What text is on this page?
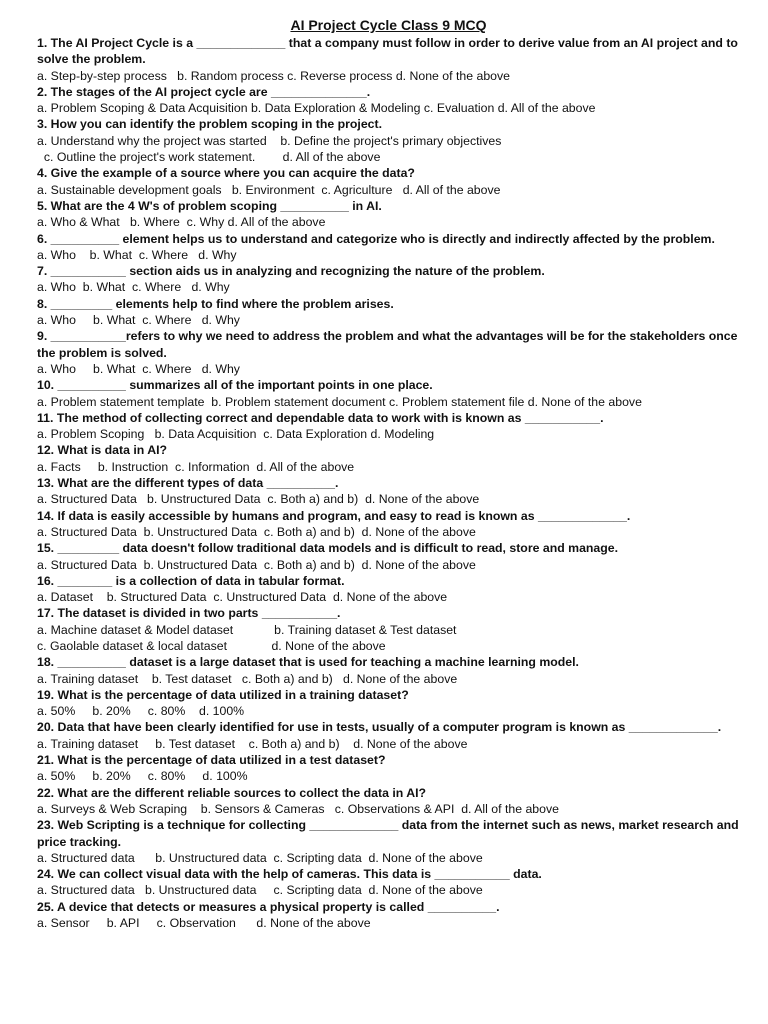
AI Project Cycle Class 9 MCQ

1. The AI Project Cycle is a _____________ that a company must follow in order to derive value from an AI project and to solve the problem.

a. Step-by-step process   b. Random process c. Reverse process d. None of the above

2. The stages of the AI project cycle are ______________.

a. Problem Scoping & Data Acquisition b. Data Exploration & Modeling c. Evaluation d. All of the above

3. How you can identify the problem scoping in the project.

a. Understand why the project was started    b. Define the project's primary objectives

c. Outline the project's work statement.        d. All of the above

4. Give the example of a source where you can acquire the data?

a. Sustainable development goals   b. Environment  c. Agriculture   d. All of the above

5. What are the 4 W's of problem scoping __________ in AI.

a. Who & What   b. Where  c. Why d. All of the above

6. __________ element helps us to understand and categorize who is directly and indirectly affected by the problem.

a. Who    b. What  c. Where   d. Why

7. ___________ section aids us in analyzing and recognizing the nature of the problem.

a. Who  b. What  c. Where   d. Why

8. _________ elements help to find where the problem arises.

a. Who     b. What  c. Where   d. Why

9. ___________refers to why we need to address the problem and what the advantages will be for the stakeholders once the problem is solved.

a. Who     b. What  c. Where   d. Why

10. __________ summarizes all of the important points in one place.

a. Problem statement template  b. Problem statement document c. Problem statement file d. None of the above

11. The method of collecting correct and dependable data to work with is known as ___________.

a. Problem Scoping   b. Data Acquisition  c. Data Exploration d. Modeling

12. What is data in AI?

a. Facts     b. Instruction  c. Information  d. All of the above

13. What are the different types of data __________.

a. Structured Data   b. Unstructured Data  c. Both a) and b)  d. None of the above

14. If data is easily accessible by humans and program, and easy to read is known as _____________.

a. Structured Data  b. Unstructured Data  c. Both a) and b)  d. None of the above

15. _________ data doesn't follow traditional data models and is difficult to read, store and manage.

a. Structured Data  b. Unstructured Data  c. Both a) and b)  d. None of the above

16. ________ is a collection of data in tabular format.

a. Dataset    b. Structured Data  c. Unstructured Data  d. None of the above

17. The dataset is divided in two parts ___________.

a. Machine dataset & Model dataset            b. Training dataset & Test dataset

c. Gaolable dataset & local dataset             d. None of the above

18. __________ dataset is a large dataset that is used for teaching a machine learning model.

a. Training dataset    b. Test dataset   c. Both a) and b)   d. None of the above

19. What is the percentage of data utilized in a training dataset?

a. 50%     b. 20%     c. 80%    d. 100%

20. Data that have been clearly identified for use in tests, usually of a computer program is known as _____________.

a. Training dataset     b. Test dataset    c. Both a) and b)    d. None of the above

21. What is the percentage of data utilized in a test dataset?

a. 50%     b. 20%     c. 80%     d. 100%

22. What are the different reliable sources to collect the data in AI?

a. Surveys & Web Scraping    b. Sensors & Cameras   c. Observations & API  d. All of the above

23. Web Scripting is a technique for collecting _____________ data from the internet such as news, market research and price tracking.

a. Structured data      b. Unstructured data  c. Scripting data  d. None of the above

24. We can collect visual data with the help of cameras. This data is ___________ data.

a. Structured data   b. Unstructured data     c. Scripting data  d. None of the above

25. A device that detects or measures a physical property is called __________.

a. Sensor     b. API     c. Observation      d. None of the above
